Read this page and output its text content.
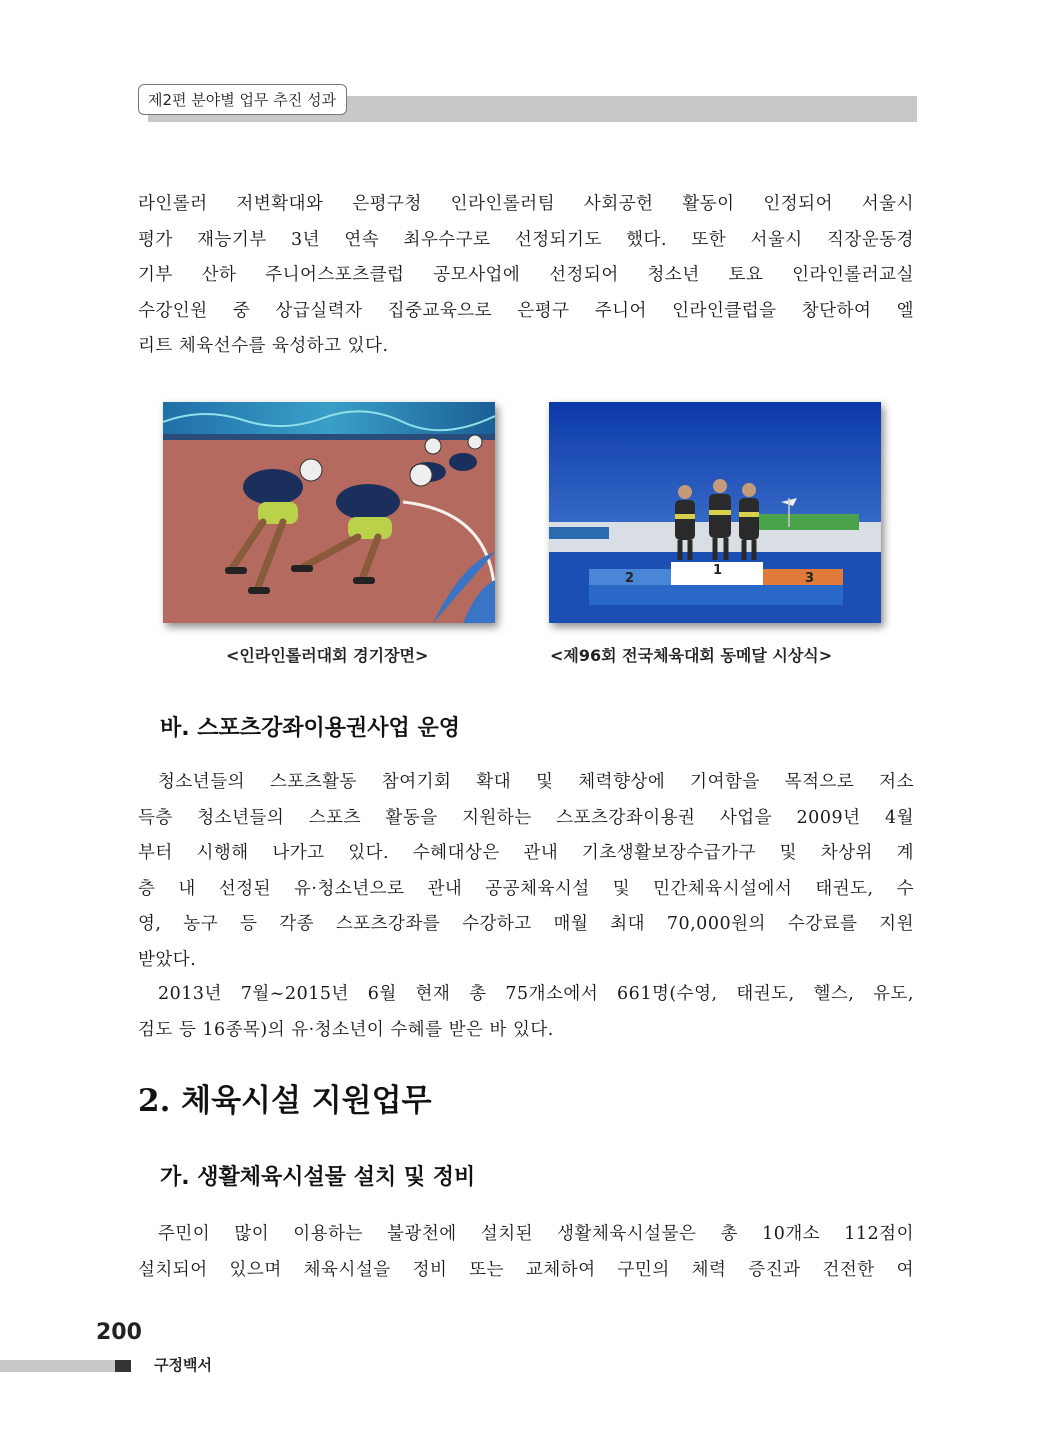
제2편 분야별 업무 추진 성과
라인롤러 저변확대와 은평구청 인라인롤러팀 사회공헌 활동이 인정되어 서울시
평가 재능기부 3년 연속 최우수구로 선정되기도 했다. 또한 서울시 직장운동경
기부 산하 주니어스포츠클럽 공모사업에 선정되어 청소년 토요 인라인롤러교실
수강인원 중 상급실력자 집중교육으로 은평구 주니어 인라인클럽을 창단하여 엘
리트 체육선수를 육성하고 있다.
2
1
3
<인라인롤러대회 경기장면>	<제96회 전국체육대회 동메달 시상식>
바. 스포츠강좌이용권사업 운영
청소년들의 스포츠활동 참여기회 확대 및 체력향상에 기여함을 목적으로 저소
득층 청소년들의 스포츠 활동을 지원하는 스포츠강좌이용권 사업을 2009년 4월
부터 시행해 나가고 있다. 수혜대상은 관내 기초생활보장수급가구 및 차상위 계
층 내 선정된 유·청소년으로 관내 공공체육시설 및 민간체육시설에서 태권도, 수
영, 농구 등 각종 스포츠강좌를 수강하고 매월 최대 70,000원의 수강료를 지원
받았다.
2013년 7월~2015년 6월 현재 총 75개소에서 661명(수영, 태권도, 헬스, 유도,
검도 등 16종목)의 유·청소년이 수혜를 받은 바 있다.
2. 체육시설 지원업무
가. 생활체육시설물 설치 및 정비
주민이 많이 이용하는 불광천에 설치된 생활체육시설물은 총 10개소 112점이
설치되어 있으며 체육시설을 정비 또는 교체하여 구민의 체력 증진과 건전한 여
200
구정백서
